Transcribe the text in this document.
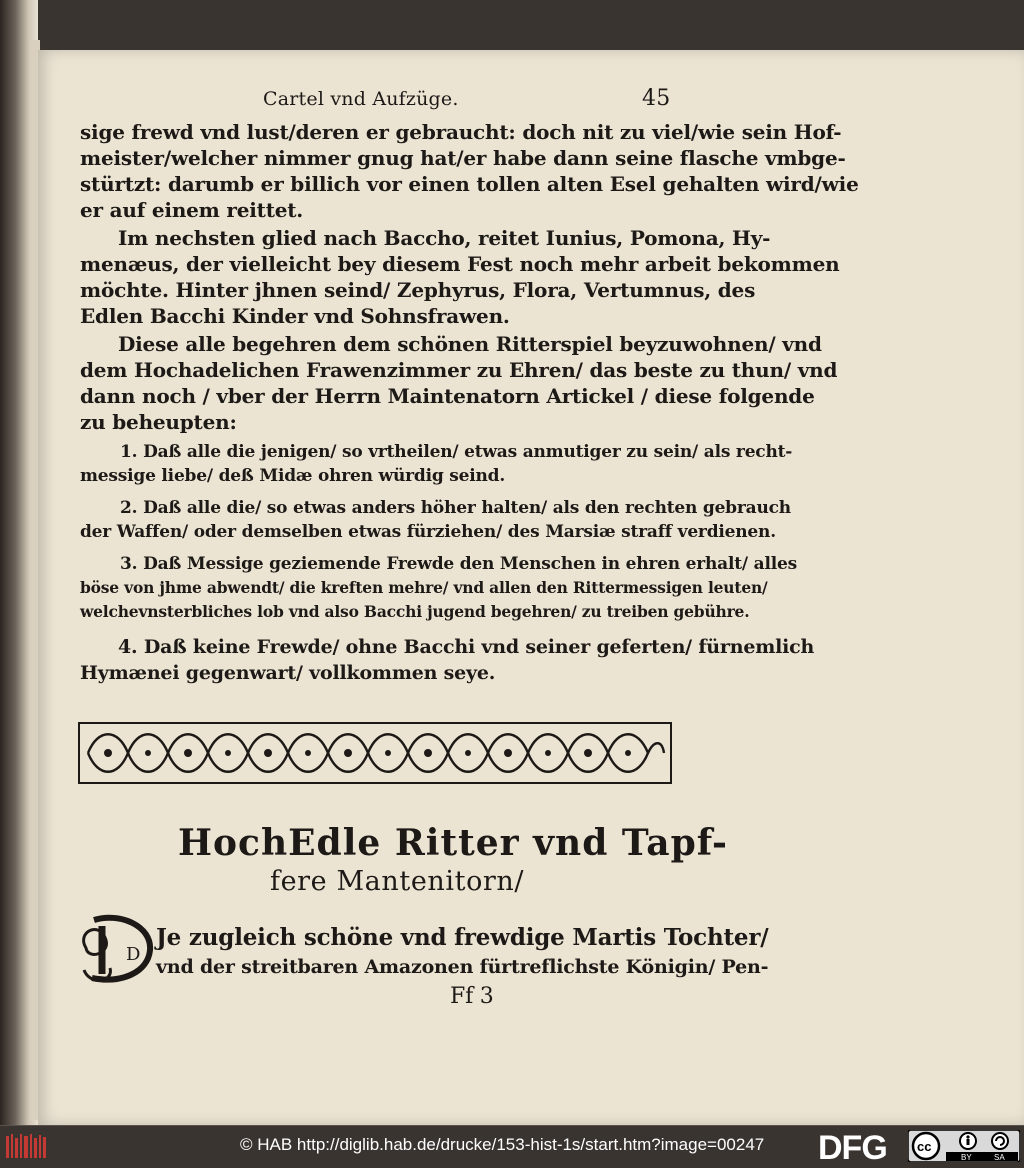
Cartel vnd Aufzüge.	45
sige frewd vnd lust/deren er gebraucht: doch nit zu viel/wie sein Hof-
meister/welcher nimmer gnug hat/er habe dann seine flasche vmbge-
stürtzt: darumb er billich vor einen tollen alten Esel gehalten wird/wie
er auf einem reittet.
Im nechsten glied nach Baccho, reitet Iunius, Pomona, Hy-
menæus, der vielleicht bey diesem Fest noch mehr arbeit bekommen
möchte. Hinter jhnen seind/ Zephyrus, Flora, Vertumnus, des
Edlen Bacchi Kinder vnd Sohnsfrawen.
Diese alle begehren dem schönen Ritterspiel beyzuwohnen/ vnd
dem Hochadelichen Frawenzimmer zu Ehren/ das beste zu thun/ vnd
dann noch / vber der Herrn Maintenatorn Artickel / diese folgende
zu beheupten:
1. Daß alle die jenigen/ so vrtheilen/ etwas anmutiger zu sein/ als recht-
messige liebe/ deß Midæ ohren würdig seind.
2. Daß alle die/ so etwas anders höher halten/ als den rechten gebrauch
der Waffen/ oder demselben etwas fürziehen/ des Marsiæ straff verdienen.
3. Daß Messige geziemende Frewde den Menschen in ehren erhalt/ alles
böse von jhme abwendt/ die kreften mehre/ vnd allen den Rittermessigen leuten/
welchevnsterbliches lob vnd also Bacchi jugend begehren/ zu treiben gebühre.
4. Daß keine Frewde/ ohne Bacchi vnd seiner geferten/ fürnemlich
Hymænei gegenwart/ vollkommen seye.
HochEdle Ritter vnd Tapf-
fere Mantenitorn/
Je zugleich schöne vnd frewdige Martis Tochter/
vnd der streitbaren Amazonen fürtreflichste Königin/ Pen-
Ff 3
D
© HAB http://diglib.hab.de/drucke/153-hist-1s/start.htm?image=00247 DFG cc
BY	SA
